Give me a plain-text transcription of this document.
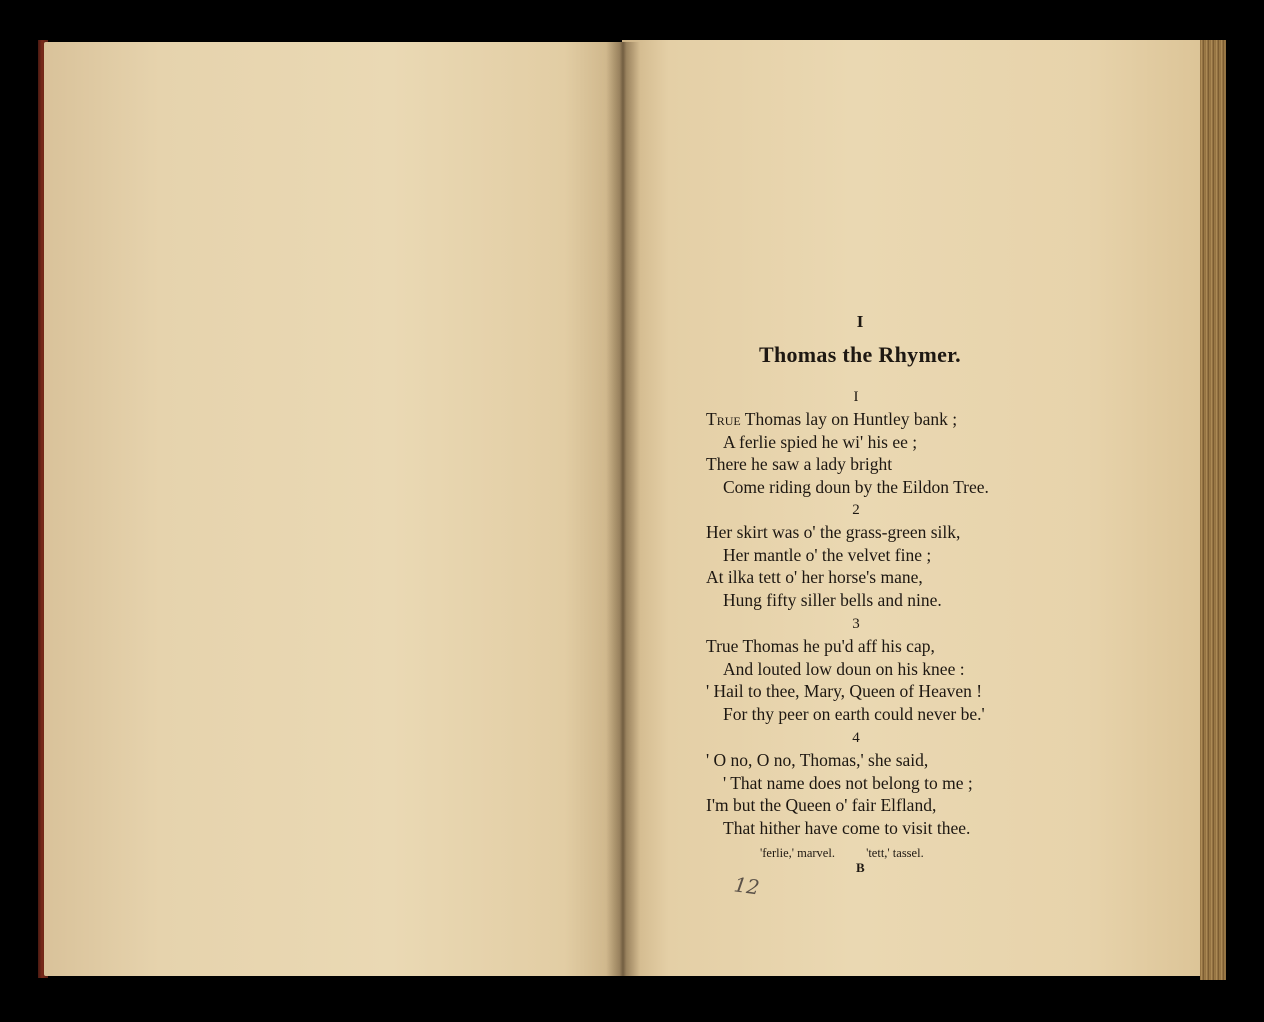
I
Thomas the Rhymer.
I
True Thomas lay on Huntley bank ;
A ferlie spied he wi' his ee ;
There he saw a lady bright
Come riding doun by the Eildon Tree.
2
Her skirt was o' the grass-green silk,
Her mantle o' the velvet fine ;
At ilka tett o' her horse's mane,
Hung fifty siller bells and nine.
3
True Thomas he pu'd aff his cap,
And louted low doun on his knee :
' Hail to thee, Mary, Queen of Heaven !
For thy peer on earth could never be.'
4
' O no, O no, Thomas,' she said,
' That name does not belong to me ;
I'm but the Queen o' fair Elfland,
That hither have come to visit thee.
'ferlie,' marvel. 'tett,' tassel.
B
12
